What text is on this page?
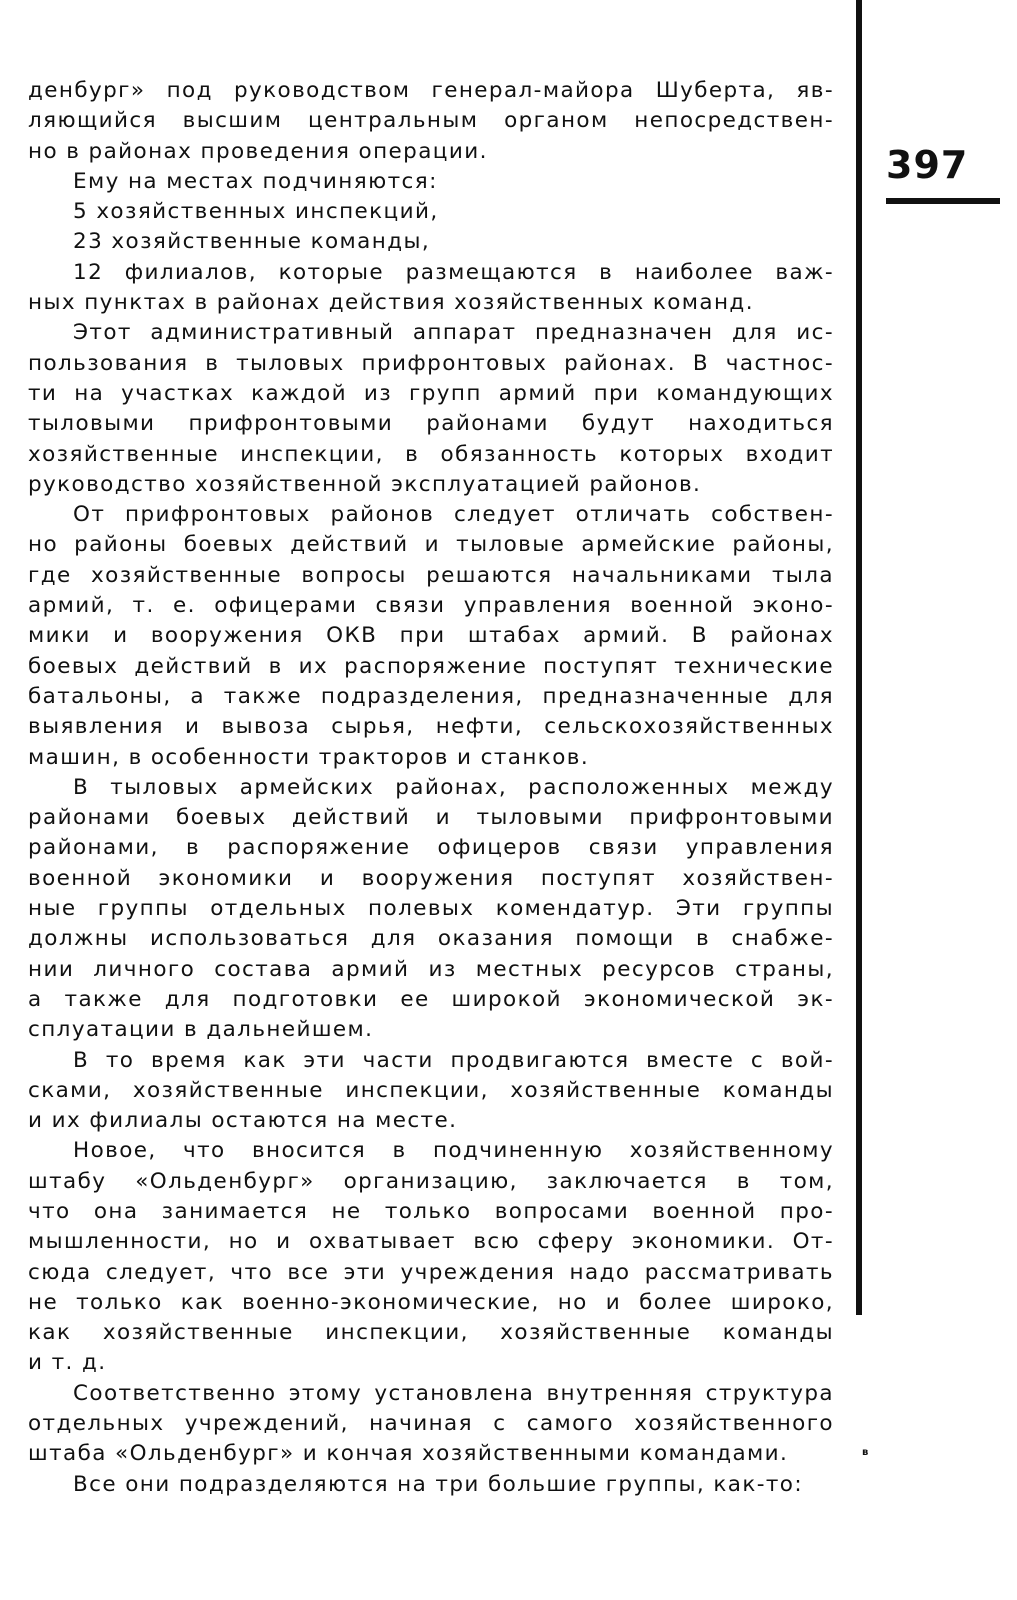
397
в
денбург» под руководством генерал-майора Шуберта, яв-
ляющийся высшим центральным органом непосредствен-
но в районах проведения операции.
Ему на местах подчиняются:
5 хозяйственных инспекций,
23 хозяйственные команды,
12 филиалов, которые размещаются в наиболее важ-
ных пунктах в районах действия хозяйственных команд.
Этот административный аппарат предназначен для ис-
пользования в тыловых прифронтовых районах. В частнос-
ти на участках каждой из групп армий при командующих
тыловыми прифронтовыми районами будут находиться
хозяйственные инспекции, в обязанность которых входит
руководство хозяйственной эксплуатацией районов.
От прифронтовых районов следует отличать собствен-
но районы боевых действий и тыловые армейские районы,
где хозяйственные вопросы решаются начальниками тыла
армий, т. е. офицерами связи управления военной эконо-
мики и вооружения ОКВ при штабах армий. В районах
боевых действий в их распоряжение поступят технические
батальоны, а также подразделения, предназначенные для
выявления и вывоза сырья, нефти, сельскохозяйственных
машин, в особенности тракторов и станков.
В тыловых армейских районах, расположенных между
районами боевых действий и тыловыми прифронтовыми
районами, в распоряжение офицеров связи управления
военной экономики и вооружения поступят хозяйствен-
ные группы отдельных полевых комендатур. Эти группы
должны использоваться для оказания помощи в снабже-
нии личного состава армий из местных ресурсов страны,
а также для подготовки ее широкой экономической эк-
сплуатации в дальнейшем.
В то время как эти части продвигаются вместе с вой-
сками, хозяйственные инспекции, хозяйственные команды
и их филиалы остаются на месте.
Новое, что вносится в подчиненную хозяйственному
штабу «Ольденбург» организацию, заключается в том,
что она занимается не только вопросами военной про-
мышленности, но и охватывает всю сферу экономики. От-
сюда следует, что все эти учреждения надо рассматривать
не только как военно-экономические, но и более широко,
как хозяйственные инспекции, хозяйственные команды
и т. д.
Соответственно этому установлена внутренняя структура
отдельных учреждений, начиная с самого хозяйственного
штаба «Ольденбург» и кончая хозяйственными командами.
Все они подразделяются на три большие группы, как-то:
